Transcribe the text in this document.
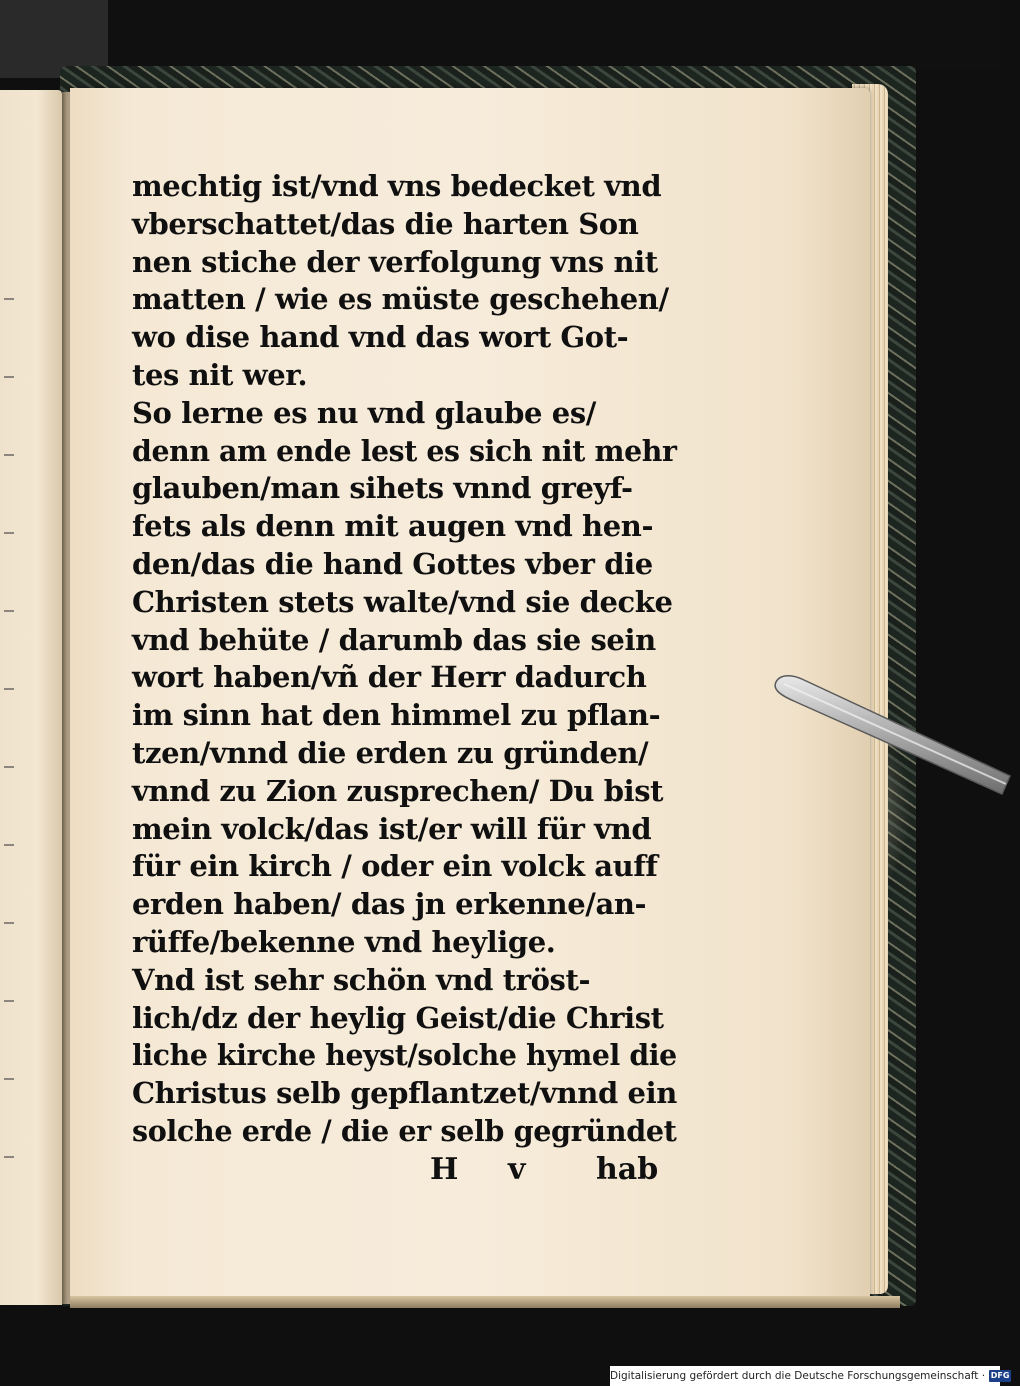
mechtig ist/vnd vns bedecket vnd
vberschattet/das die harten Son
nen stiche der verfolgung vns nit
matten / wie es müste geschehen/
wo dise hand vnd das wort Got-
tes nit wer.
So lerne es nu vnd glaube es/
denn am ende lest es sich nit mehr
glauben/man sihets vnnd greyf-
fets als denn mit augen vnd hen-
den/das die hand Gottes vber die
Christen stets walte/vnd sie decke
vnd behüte / darumb das sie sein
wort haben/vñ der Herr dadurch
im sinn hat den himmel zu pflan-
tzen/vnnd die erden zu gründen/
vnnd zu Zion zusprechen/ Du bist
mein volck/das ist/er will für vnd
für ein kirch / oder ein volck auff
erden haben/ das jn erkenne/an-
rüffe/bekenne vnd heylige.
Vnd ist sehr schön vnd tröst-
lich/dz der heylig Geist/die Christ
liche kirche heyst/solche hymel die
Christus selb gepflantzet/vnnd ein
solche erde / die er selb gegründet
H v hab
Digitalisierung gefördert durch die Deutsche Forschungsgemeinschaft · DFG
